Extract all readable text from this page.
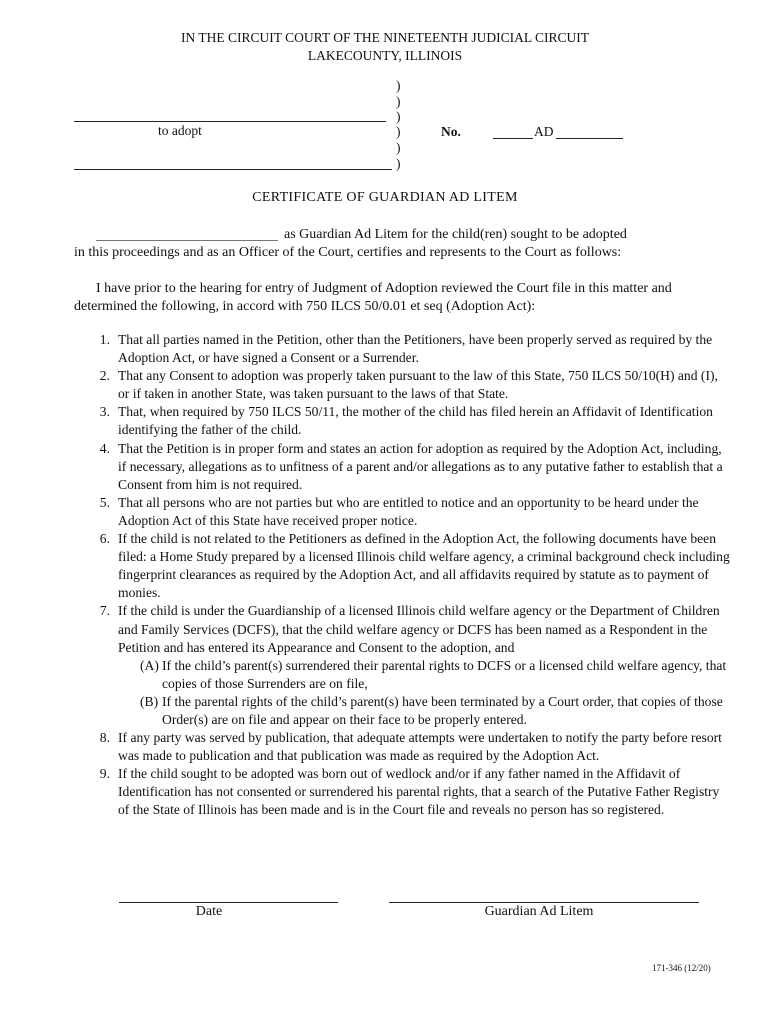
IN THE CIRCUIT COURT OF THE NINETEENTH JUDICIAL CIRCUIT
LAKECOUNTY, ILLINOIS
to adopt
)
)
)
)
)
)
No.	AD
CERTIFICATE OF GUARDIAN AD LITEM
as Guardian Ad Litem for the child(ren) sought to be adopted
in this proceedings and as an Officer of the Court, certifies and represents to the Court as follows:
I have prior to the hearing for entry of Judgment of Adoption reviewed the Court file in this matter and determined the following, in accord with 750 ILCS 50/0.01 et seq (Adoption Act):
1. That all parties named in the Petition, other than the Petitioners, have been properly served as required by the Adoption Act, or have signed a Consent or a Surrender.
2. That any Consent to adoption was properly taken pursuant to the law of this State, 750 ILCS 50/10(H) and (I), or if taken in another State, was taken pursuant to the laws of that State.
3. That, when required by 750 ILCS 50/11, the mother of the child has filed herein an Affidavit of Identification identifying the father of the child.
4. That the Petition is in proper form and states an action for adoption as required by the Adoption Act, including, if necessary, allegations as to unfitness of a parent and/or allegations as to any putative father to establish that a Consent from him is not required.
5. That all persons who are not parties but who are entitled to notice and an opportunity to be heard under the Adoption Act of this State have received proper notice.
6. If the child is not related to the Petitioners as defined in the Adoption Act, the following documents have been filed: a Home Study prepared by a licensed Illinois child welfare agency, a criminal background check including fingerprint clearances as required by the Adoption Act, and all affidavits required by statute as to payment of monies.
7. If the child is under the Guardianship of a licensed Illinois child welfare agency or the Department of Children and Family Services (DCFS), that the child welfare agency or DCFS has been named as a Respondent in the Petition and has entered its Appearance and Consent to the adoption, and
(A) If the child’s parent(s) surrendered their parental rights to DCFS or a licensed child welfare agency, that copies of those Surrenders are on file,
(B) If the parental rights of the child’s parent(s) have been terminated by a Court order, that copies of those Order(s) are on file and appear on their face to be properly entered.
8. If any party was served by publication, that adequate attempts were undertaken to notify the party before resort was made to publication and that publication was made as required by the Adoption Act.
9. If the child sought to be adopted was born out of wedlock and/or if any father named in the Affidavit of Identification has not consented or surrendered his parental rights, that a search of the Putative Father Registry of the State of Illinois has been made and is in the Court file and reveals no person has so registered.
Date	Guardian Ad Litem
171-346 (12/20)
